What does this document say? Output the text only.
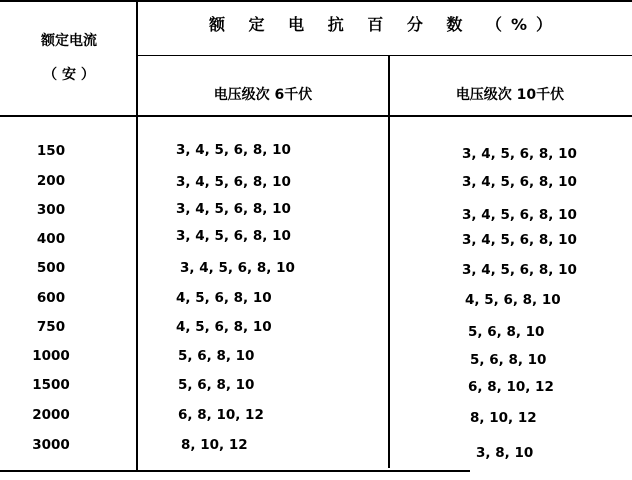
额定电流
（ 安 ）
额 定 电 抗 百 分 数 （%）
电压级次 6千伏	电压级次 10千伏
150	3, 4, 5, 6, 8, 10	3, 4, 5, 6, 8, 10
200	3, 4, 5, 6, 8, 10	3, 4, 5, 6, 8, 10
300	3, 4, 5, 6, 8, 10	3, 4, 5, 6, 8, 10
400	3, 4, 5, 6, 8, 10	3, 4, 5, 6, 8, 10
500	3, 4, 5, 6, 8, 10	3, 4, 5, 6, 8, 10
600	4, 5, 6, 8, 10	4, 5, 6, 8, 10
750	4, 5, 6, 8, 10	5, 6, 8, 10
1000	5, 6, 8, 10	5, 6, 8, 10
1500	5, 6, 8, 10	6, 8, 10, 12
2000	6, 8, 10, 12	8, 10, 12
3000	8, 10, 12	3, 8, 10
